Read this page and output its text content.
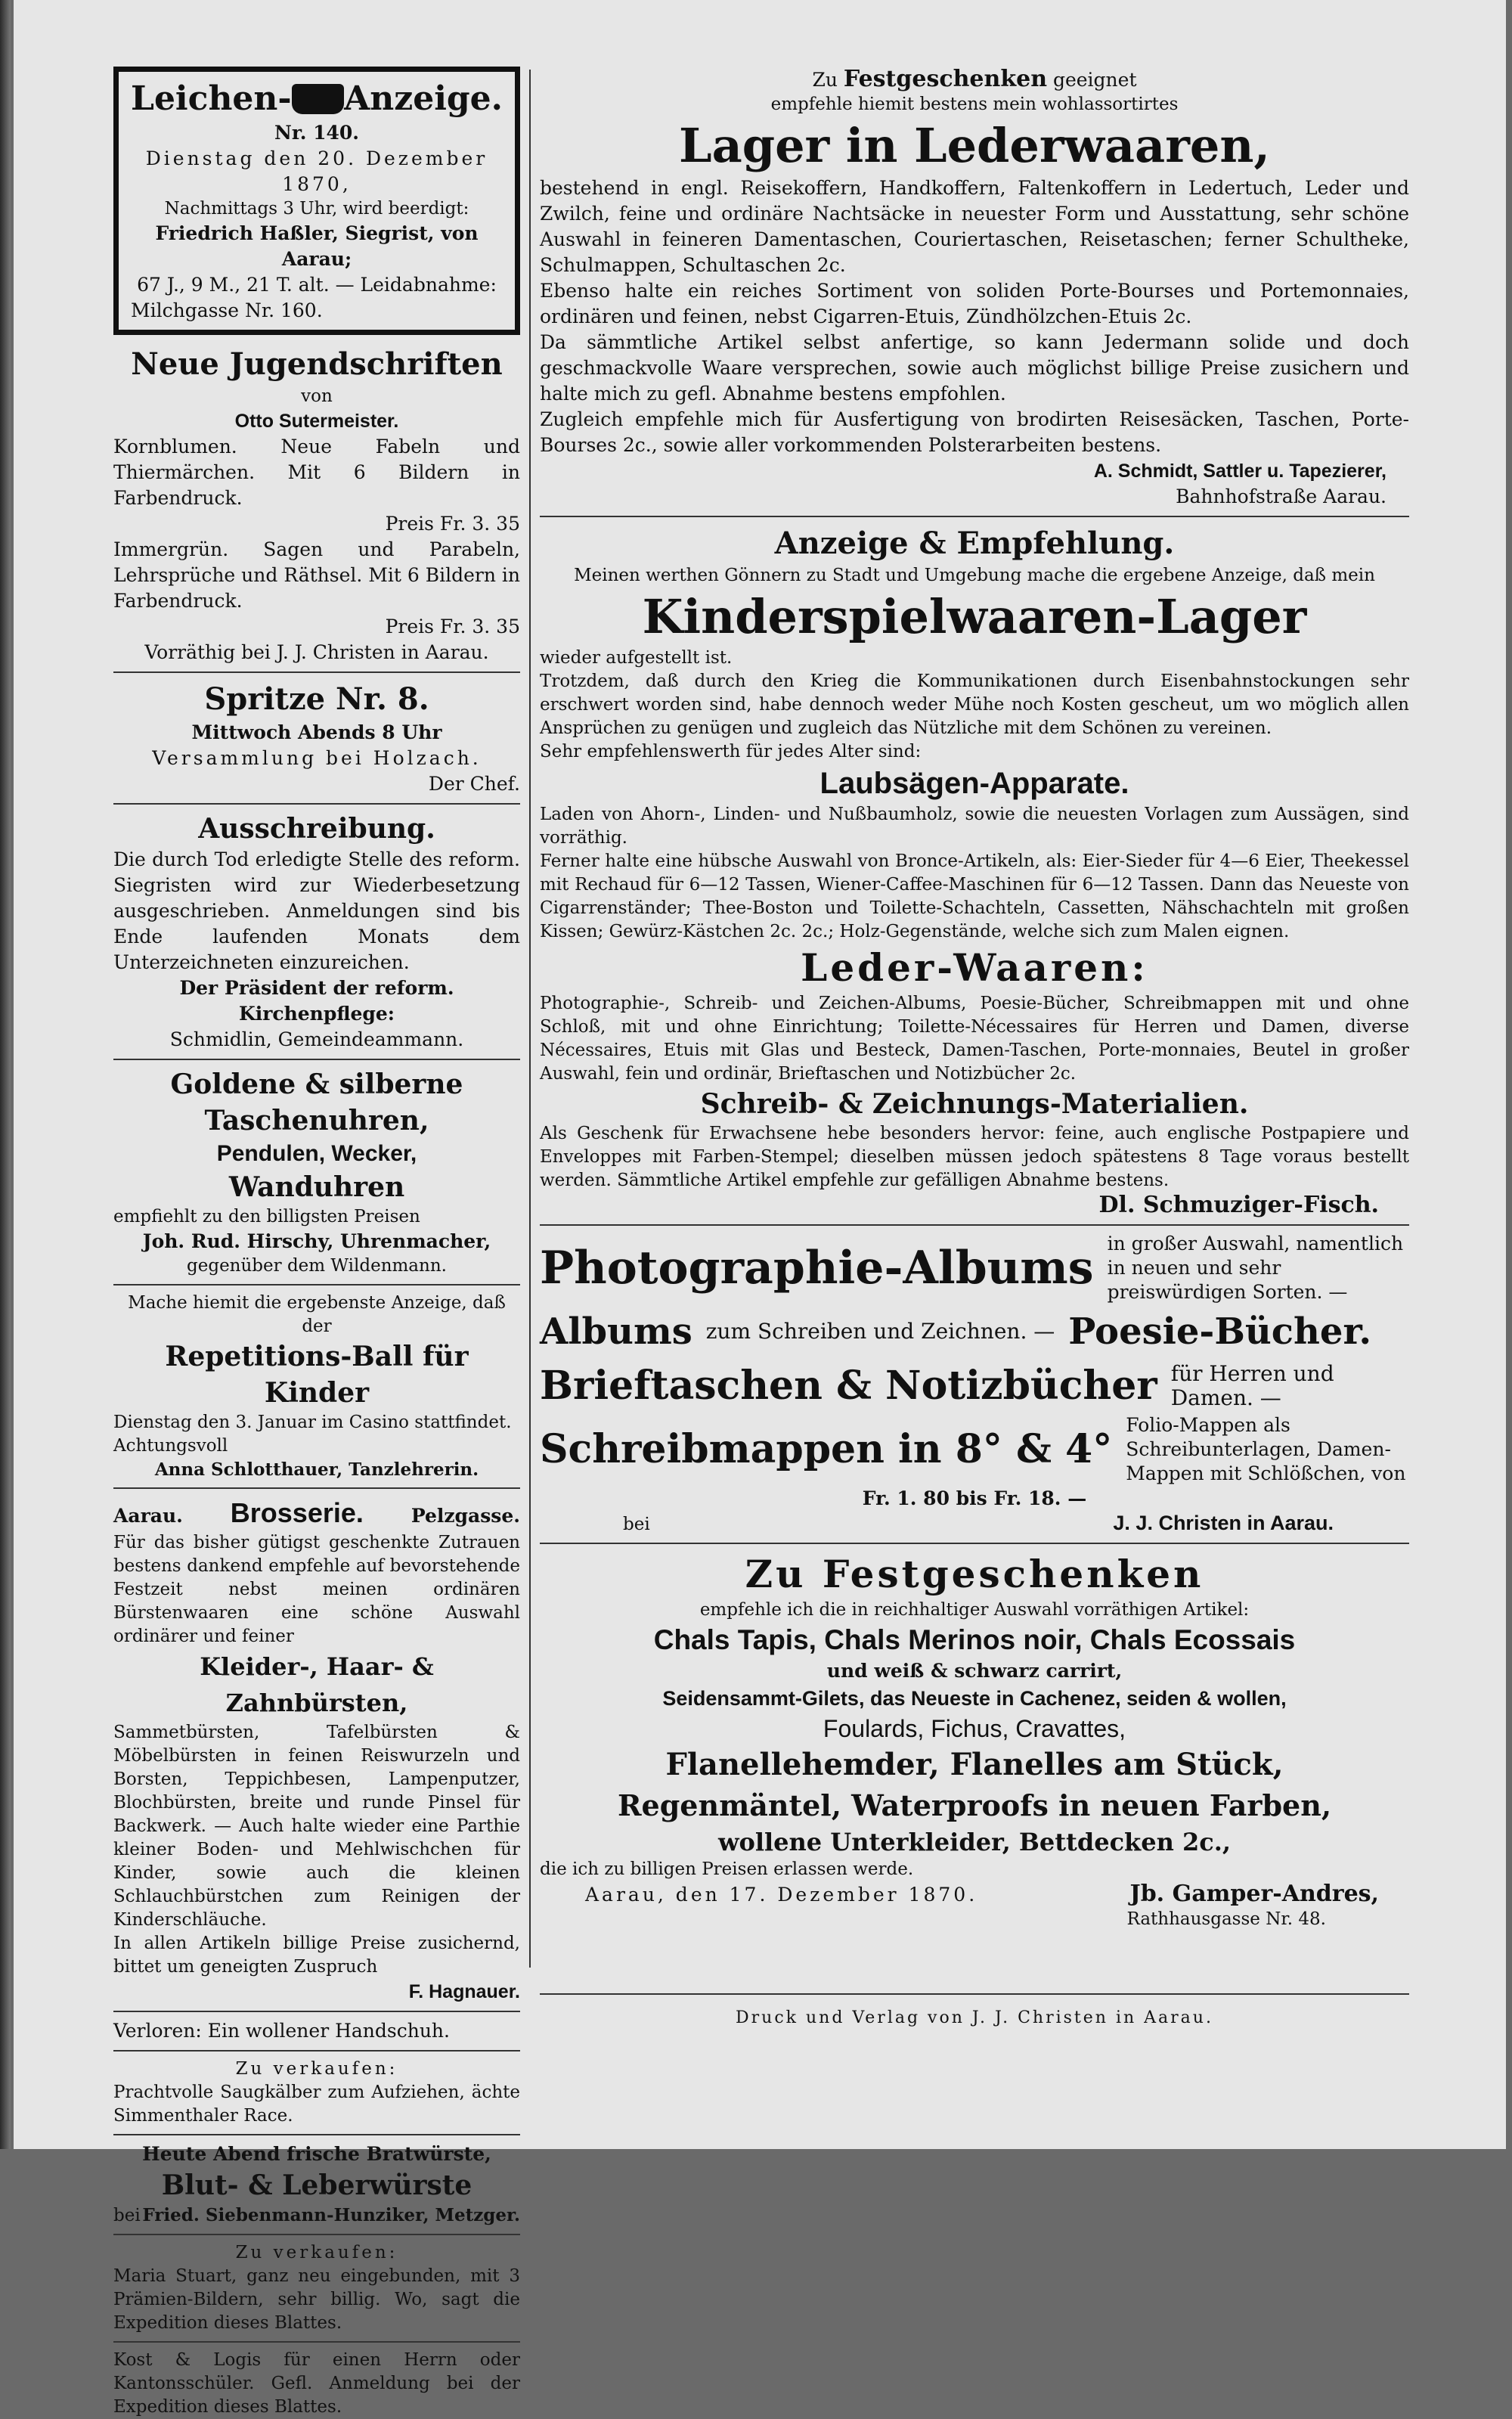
Leichen- Anzeige.

Nr. 140.

Dienstag den 20. Dezember 1870,

Nachmittags 3 Uhr, wird beerdigt:

Friedrich Haßler, Siegrist, von Aarau;

67 J., 9 M., 21 T. alt. — Leidabnahme:

Milchgasse Nr. 160.

Neue Jugendschriften

von

Otto Sutermeister.

Kornblumen. Neue Fabeln und Thiermärchen. Mit 6 Bildern in Farbendruck.

Preis Fr. 3. 35

Immergrün. Sagen und Parabeln, Lehrsprüche und Räthsel. Mit 6 Bildern in Farbendruck.

Preis Fr. 3. 35

Vorräthig bei J. J. Christen in Aarau.

Spritze Nr. 8.

Mittwoch Abends 8 Uhr

Versammlung bei Holzach.

Der Chef.

Ausschreibung.

Die durch Tod erledigte Stelle des reform. Siegristen wird zur Wiederbesetzung ausgeschrieben. Anmeldungen sind bis Ende laufenden Monats dem Unterzeichneten einzureichen.

Der Präsident der reform. Kirchenpflege:

Schmidlin, Gemeindeammann.

Goldene & silberne Taschenuhren,

Pendulen, Wecker,

Wanduhren

empfiehlt zu den billigsten Preisen

Joh. Rud. Hirschy, Uhrenmacher,

gegenüber dem Wildenmann.

Mache hiemit die ergebenste Anzeige, daß der

Repetitions-Ball für Kinder

Dienstag den 3. Januar im Casino stattfindet.

Achtungsvoll

Anna Schlotthauer, Tanzlehrerin.

Aarau. Brosserie.	Pelzgasse.

Für das bisher gütigst geschenkte Zutrauen bestens dankend empfehle auf bevorstehende Festzeit nebst meinen ordinären Bürstenwaaren eine schöne Auswahl ordinärer und feiner

Kleider-, Haar- & Zahnbürsten,

Sammetbürsten, Tafelbürsten & Möbelbürsten in feinen Reiswurzeln und Borsten, Teppichbesen, Lampenputzer, Blochbürsten, breite und runde Pinsel für Backwerk. — Auch halte wieder eine Parthie kleiner Boden- und Mehlwischchen für Kinder, sowie auch die kleinen Schlauchbürstchen zum Reinigen der Kinderschläuche.

In allen Artikeln billige Preise zusichernd, bittet um geneigten Zuspruch

F. Hagnauer.

Verloren: Ein wollener Handschuh.

Zu verkaufen:

Prachtvolle Saugkälber zum Aufziehen, ächte Simmenthaler Race.

Heute Abend frische Bratwürste,

Blut- & Leberwürste

bei Fried. Siebenmann-Hunziker, Metzger.

Zu verkaufen:

Maria Stuart, ganz neu eingebunden, mit 3 Prämien-Bildern, sehr billig. Wo, sagt die Expedition dieses Blattes.

Kost & Logis für einen Herrn oder Kantonsschüler. Gefl. Anmeldung bei der Expedition dieses Blattes.

Zu Festgeschenken geeignet

empfehle hiemit bestens mein wohlassortirtes

Lager in Lederwaaren,

bestehend in engl. Reisekoffern, Handkoffern, Faltenkoffern in Ledertuch, Leder und Zwilch, feine und ordinäre Nachtsäcke in neuester Form und Ausstattung, sehr schöne Auswahl in feineren Damentaschen, Couriertaschen, Reisetaschen; ferner Schultheke, Schulmappen, Schultaschen 2c.

Ebenso halte ein reiches Sortiment von soliden Porte-Bourses und Portemonnaies, ordinären und feinen, nebst Cigarren-Etuis, Zündhölzchen-Etuis 2c.

Da sämmtliche Artikel selbst anfertige, so kann Jedermann solide und doch geschmackvolle Waare versprechen, sowie auch möglichst billige Preise zusichern und halte mich zu gefl. Abnahme bestens empfohlen.

Zugleich empfehle mich für Ausfertigung von brodirten Reisesäcken, Taschen, Porte-Bourses 2c., sowie aller vorkommenden Polsterarbeiten bestens.

A. Schmidt, Sattler u. Tapezierer,

Bahnhofstraße Aarau.

Anzeige & Empfehlung.

Meinen werthen Gönnern zu Stadt und Umgebung mache die ergebene Anzeige, daß mein

Kinderspielwaaren-Lager

wieder aufgestellt ist.

Trotzdem, daß durch den Krieg die Kommunikationen durch Eisenbahnstockungen sehr erschwert worden sind, habe dennoch weder Mühe noch Kosten gescheut, um wo möglich allen Ansprüchen zu genügen und zugleich das Nützliche mit dem Schönen zu vereinen.

Sehr empfehlenswerth für jedes Alter sind:

Laubsägen-Apparate.

Laden von Ahorn-, Linden- und Nußbaumholz, sowie die neuesten Vorlagen zum Aussägen, sind vorräthig.

Ferner halte eine hübsche Auswahl von Bronce-Artikeln, als: Eier-Sieder für 4—6 Eier, Theekessel mit Rechaud für 6—12 Tassen, Wiener-Caffee-Maschinen für 6—12 Tassen. Dann das Neueste von Cigarrenständer; Thee-Boston und Toilette-Schachteln, Cassetten, Nähschachteln mit großen Kissen; Gewürz-Kästchen 2c. 2c.; Holz-Gegenstände, welche sich zum Malen eignen.

Leder-Waaren:

Photographie-, Schreib- und Zeichen-Albums, Poesie-Bücher, Schreibmappen mit und ohne Schloß, mit und ohne Einrichtung; Toilette-Nécessaires für Herren und Damen, diverse Nécessaires, Etuis mit Glas und Besteck, Damen-Taschen, Porte-monnaies, Beutel in großer Auswahl, fein und ordinär, Brieftaschen und Notizbücher 2c.

Schreib- & Zeichnungs-Materialien.

Als Geschenk für Erwachsene hebe besonders hervor: feine, auch englische Postpapiere und Enveloppes mit Farben-Stempel; dieselben müssen jedoch spätestens 8 Tage voraus bestellt werden. Sämmtliche Artikel empfehle zur gefälligen Abnahme bestens.

Dl. Schmuziger-Fisch.

Photographie-Albums in großer Auswahl, namentlich in neuen und sehr preiswürdigen Sorten. —
Albums zum Schreiben und Zeichnen. — Poesie-Bücher.
Brieftaschen & Notizbücher für Herren und Damen. —
Schreibmappen in 8° & 4°
Folio-Mappen als Schreibunterlagen, Damen-Mappen mit Schlößchen, von

Fr. 1. 80 bis Fr. 18. —

bei	J. J. Christen in Aarau.

Zu Festgeschenken

empfehle ich die in reichhaltiger Auswahl vorräthigen Artikel:

Chals Tapis, Chals Merinos noir, Chals Ecossais

und weiß & schwarz carrirt,

Seidensammt-Gilets, das Neueste in Cachenez, seiden & wollen,

Foulards, Fichus, Cravattes,

Flanellehemder, Flanelles am Stück,

Regenmäntel, Waterproofs in neuen Farben,

wollene Unterkleider, Bettdecken 2c.,

die ich zu billigen Preisen erlassen werde.

Aarau, den 17. Dezember 1870.	Jb. Gamper-Andres,

Rathhausgasse Nr. 48.

Druck und Verlag von J. J. Christen in Aarau.
